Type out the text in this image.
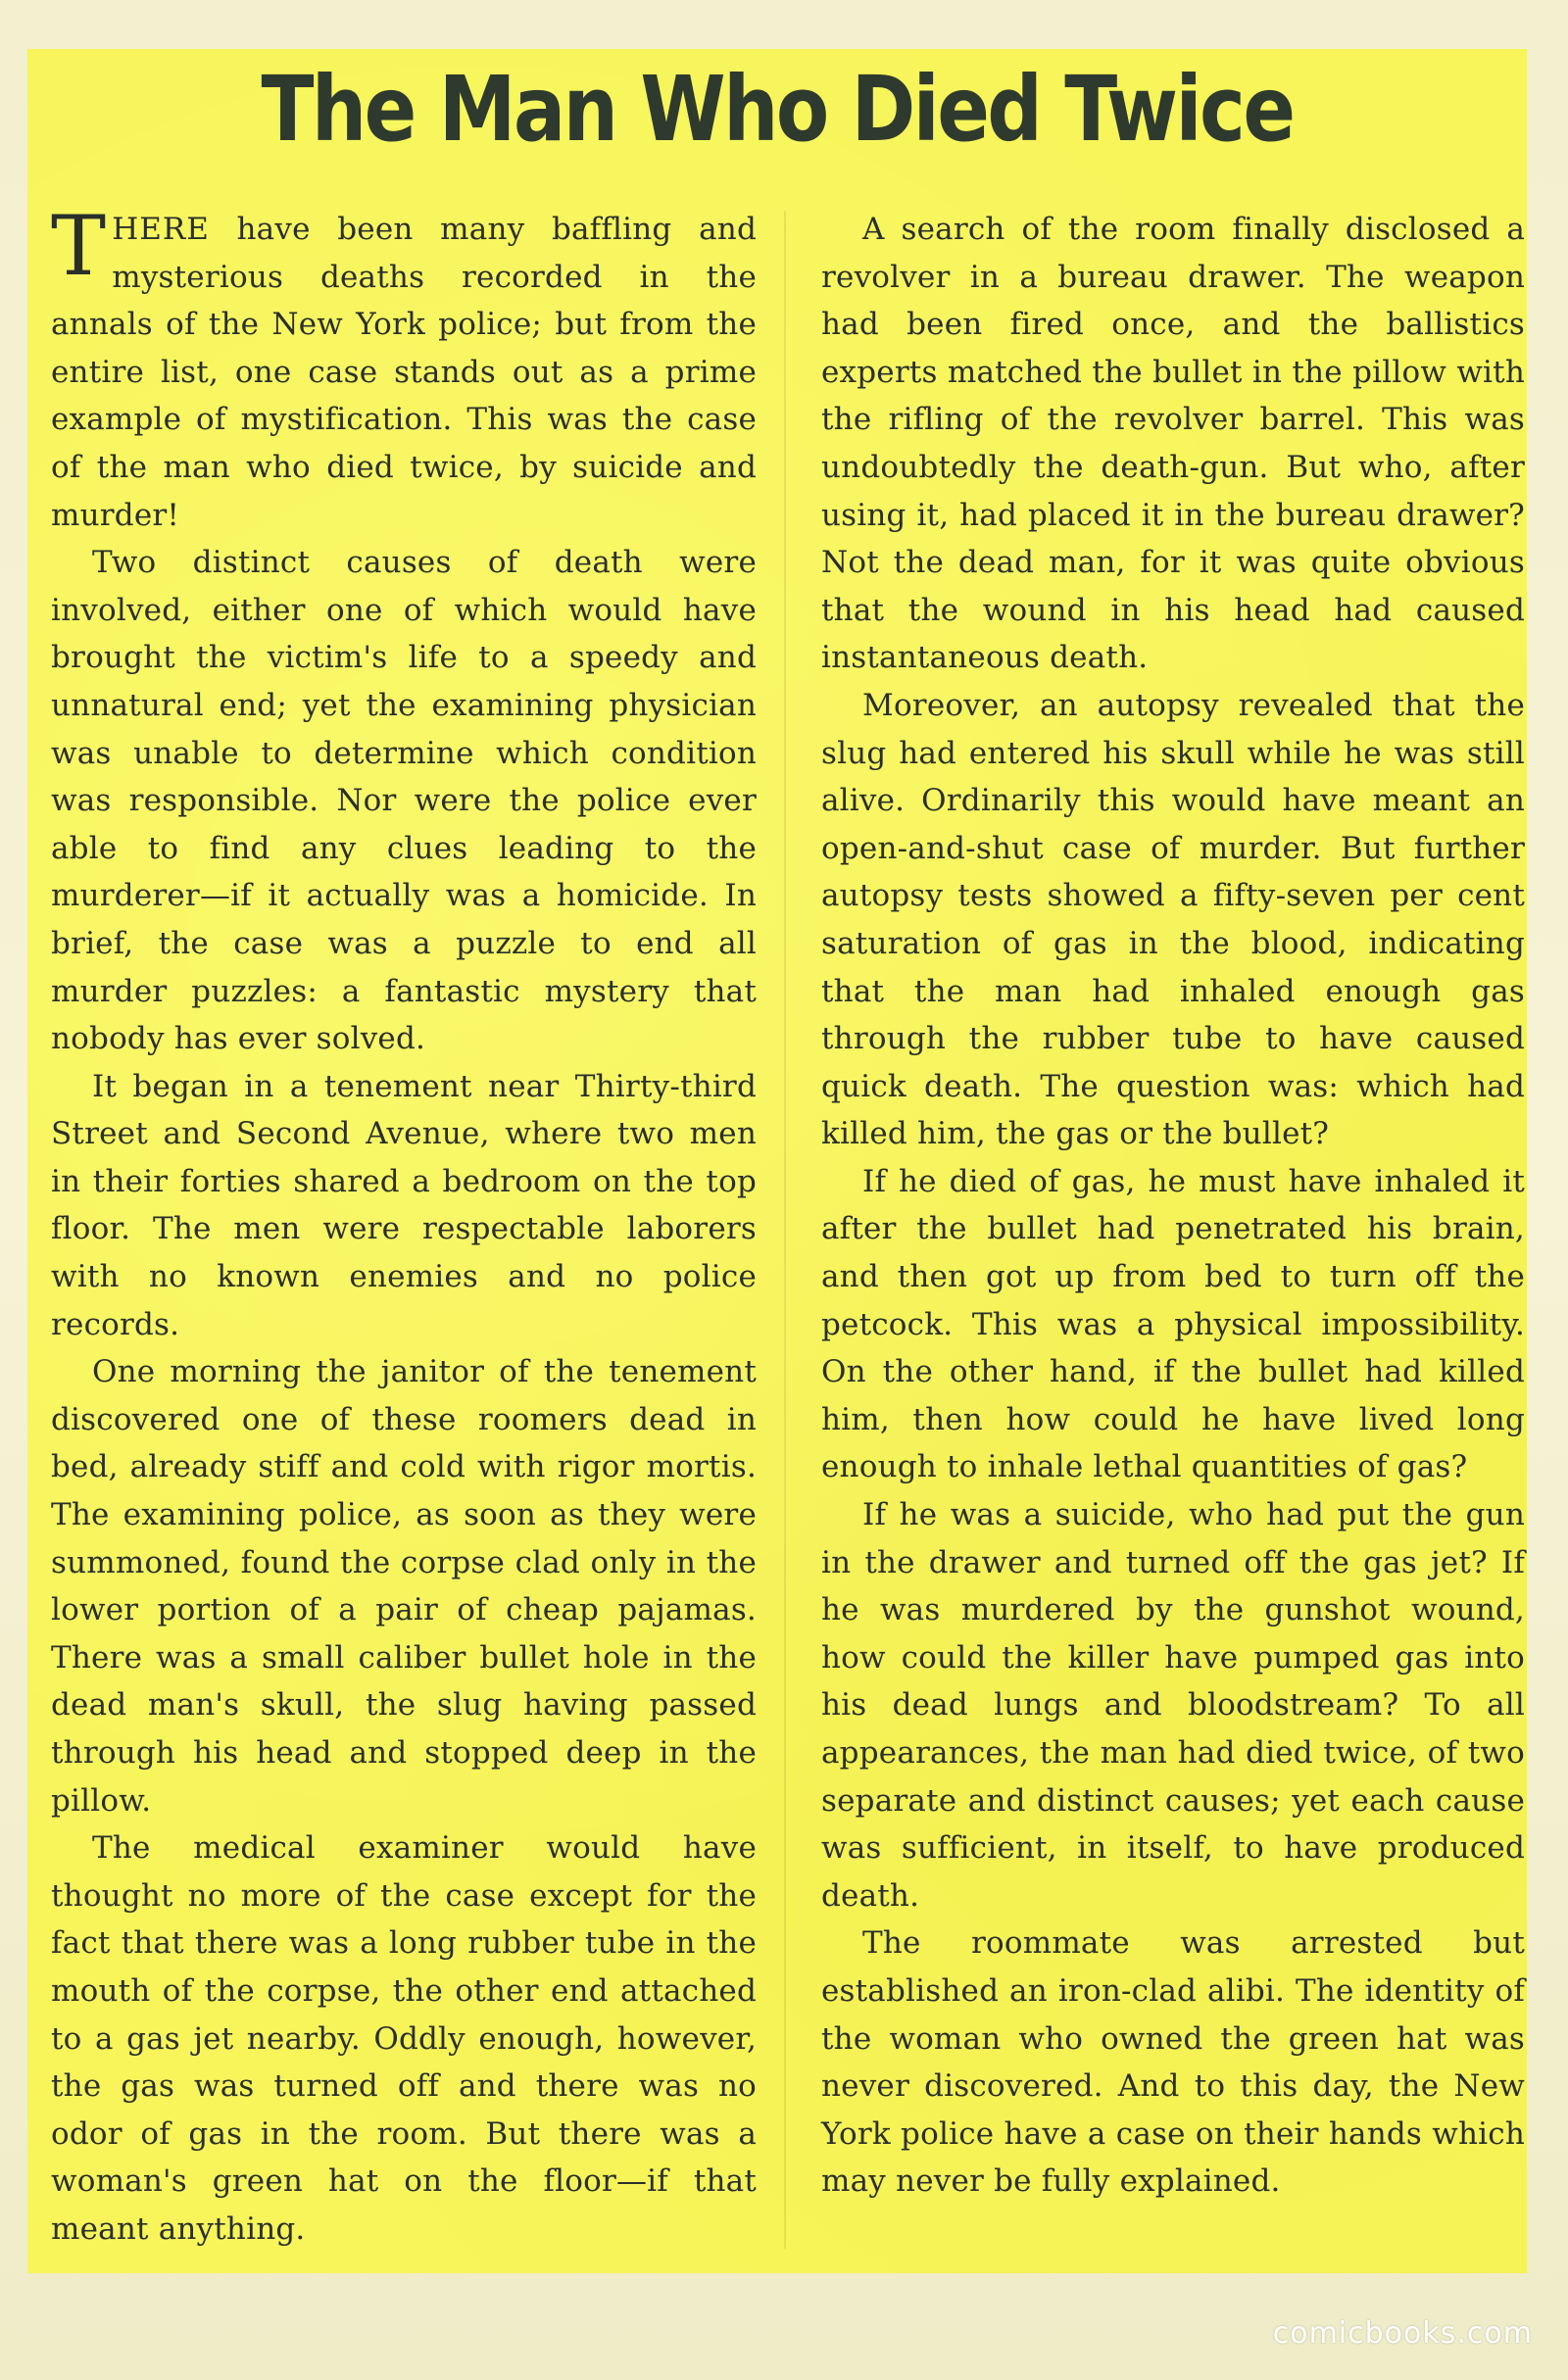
The Man Who Died Twice

THERE have been many baffling and mysterious deaths recorded in the annals of the New York police; but from the entire list, one case stands out as a prime example of mystification. This was the case of the man who died twice, by suicide and murder!

Two distinct causes of death were involved, either one of which would have brought the victim's life to a speedy and unnatural end; yet the examining physician was unable to determine which condition was responsible. Nor were the police ever able to find any clues leading to the murderer—if it actually was a homicide. In brief, the case was a puzzle to end all murder puzzles: a fantastic mystery that nobody has ever solved.

It began in a tenement near Thirty-third Street and Second Avenue, where two men in their forties shared a bedroom on the top floor. The men were respectable laborers with no known enemies and no police records.

One morning the janitor of the tenement discovered one of these roomers dead in bed, already stiff and cold with rigor mortis. The examining police, as soon as they were summoned, found the corpse clad only in the lower portion of a pair of cheap pajamas. There was a small caliber bullet hole in the dead man's skull, the slug having passed through his head and stopped deep in the pillow.

The medical examiner would have thought no more of the case except for the fact that there was a long rubber tube in the mouth of the corpse, the other end attached to a gas jet nearby. Oddly enough, however, the gas was turned off and there was no odor of gas in the room. But there was a woman's green hat on the floor—if that meant anything.

A search of the room finally disclosed a revolver in a bureau drawer. The weapon had been fired once, and the ballistics experts matched the bullet in the pillow with the rifling of the revolver barrel. This was undoubtedly the death-gun. But who, after using it, had placed it in the bureau drawer? Not the dead man, for it was quite obvious that the wound in his head had caused instantaneous death.

Moreover, an autopsy revealed that the slug had entered his skull while he was still alive. Ordinarily this would have meant an open-and-shut case of murder. But further autopsy tests showed a fifty-seven per cent saturation of gas in the blood, indicating that the man had inhaled enough gas through the rubber tube to have caused quick death. The question was: which had killed him, the gas or the bullet?

If he died of gas, he must have inhaled it after the bullet had penetrated his brain, and then got up from bed to turn off the petcock. This was a physical impossibility. On the other hand, if the bullet had killed him, then how could he have lived long enough to inhale lethal quantities of gas?

If he was a suicide, who had put the gun in the drawer and turned off the gas jet? If he was murdered by the gunshot wound, how could the killer have pumped gas into his dead lungs and bloodstream? To all appearances, the man had died twice, of two separate and distinct causes; yet each cause was sufficient, in itself, to have produced death.

The roommate was arrested but established an iron-clad alibi. The identity of the woman who owned the green hat was never discovered. And to this day, the New York police have a case on their hands which may never be fully explained.

comicbooks.com
